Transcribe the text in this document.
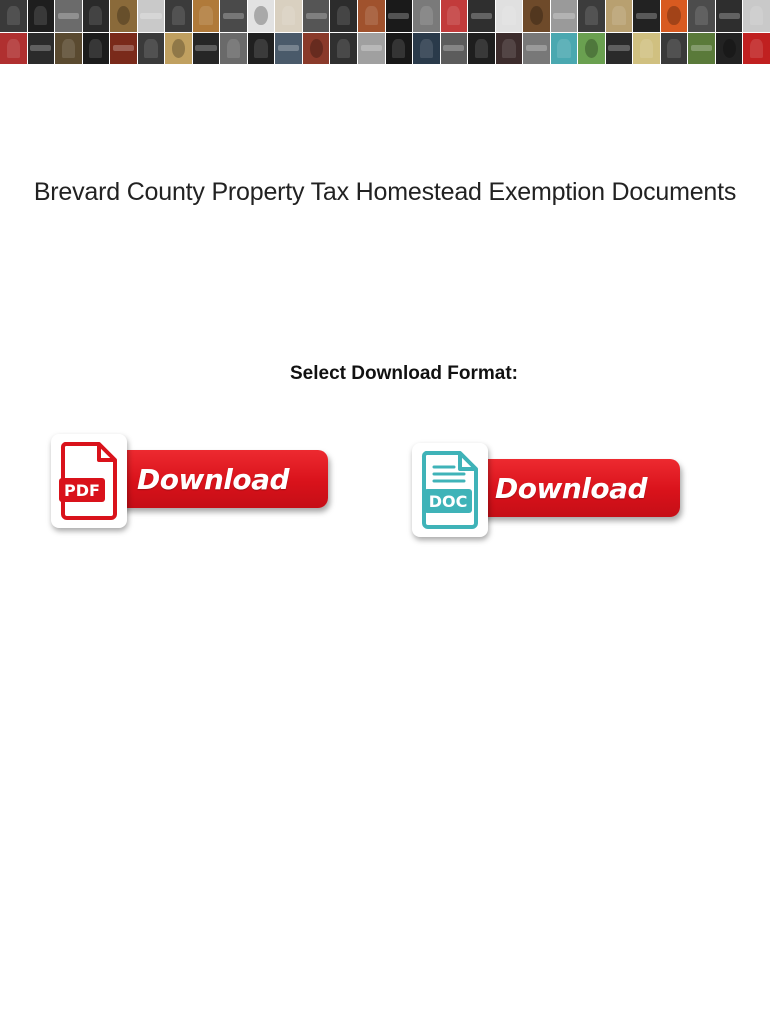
Brevard County Property Tax Homestead Exemption Documents
Select Download Format:
Download
PDF	Download
DOC
